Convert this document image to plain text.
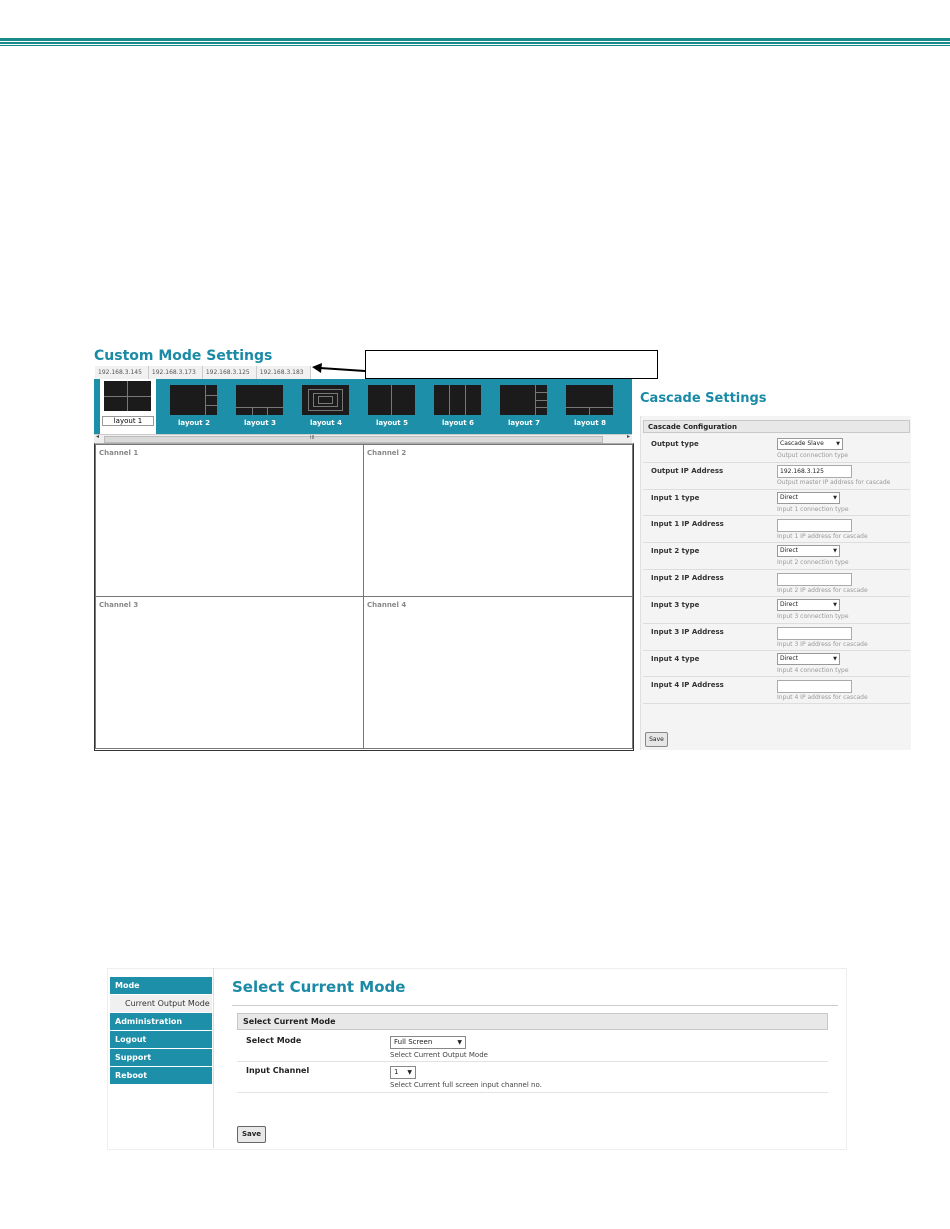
Custom Mode Settings
192.168.3.145	192.168.3.173	192.168.3.125	192.168.3.183
layout 1	layout 2	layout 3	layout 4	layout 5	layout 6	layout 7	layout 8
◂	III	▸
Channel 1	Channel 2
Channel 3	Channel 4
Cascade Settings
Cascade Configuration
Output type	Cascade Slave ▼
Output connection type
Output IP Address	192.168.3.125
Output master IP address for cascade
Input 1 type	Direct	▼
Input 1 connection type
Input 1 IP Address
Input 1 IP address for cascade
Input 2 type	Direct	▼
Input 2 connection type
Input 2 IP Address
Input 2 IP address for cascade
Input 3 type	Direct	▼
Input 3 connection type
Input 3 IP Address
Input 3 IP address for cascade
Input 4 type	Direct	▼
Input 4 connection type
Input 4 IP Address
Input 4 IP address for cascade
Save
Mode
Current Output Mode
Administration
Logout
Support
Reboot
Select Current Mode
Select Current Mode
Select Mode	Full Screen	▼
Select Current Output Mode
Input Channel	1 ▼
Select Current full screen input channel no.
Save
